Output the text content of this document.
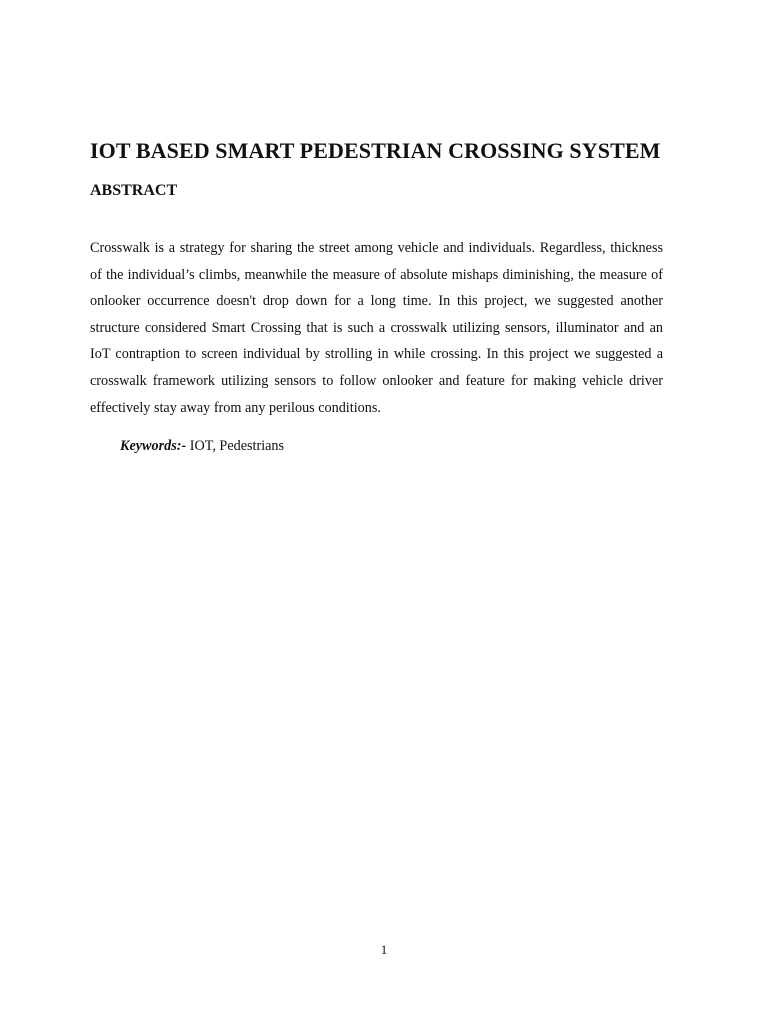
IOT BASED SMART PEDESTRIAN CROSSING SYSTEM
ABSTRACT

Crosswalk is a strategy for sharing the street among vehicle and individuals. Regardless, thickness of the individual’s climbs, meanwhile the measure of absolute mishaps diminishing, the measure of onlooker occurrence doesn't drop down for a long time. In this project, we suggested another structure considered Smart Crossing that is such a crosswalk utilizing sensors, illuminator and an IoT contraption to screen individual by strolling in while crossing. In this project we suggested a crosswalk framework utilizing sensors to follow onlooker and feature for making vehicle driver effectively stay away from any perilous conditions.

Keywords:- IOT, Pedestrians

1
